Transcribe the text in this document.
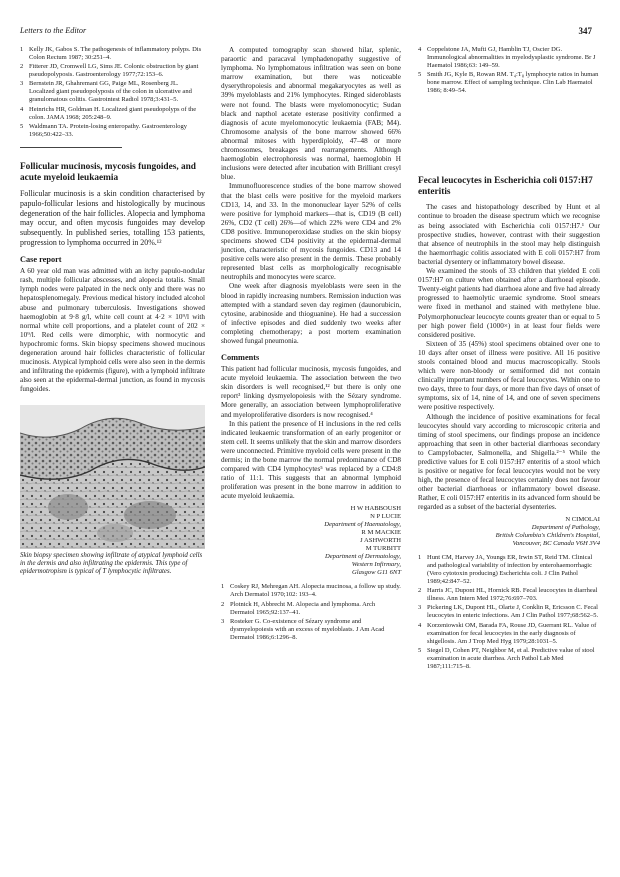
Letters to the Editor	347
1 Kelly JK, Gabos S. The pathogenesis of inflammatory polyps. Dis Colon Rectum 1987; 30:251–4.
2 Fitterer JD, Cromwell LG, Sims JE. Colonic obstruction by giant pseudopolyposis. Gastroenterology 1977;72:153–6.
3 Bernstein JR, Ghahremani GG, Paige ML, Rosenberg JL. Localized giant pseudopolyposis of the colon in ulcerative and granulomatous colitis. Gastrointest Radiol 1978;3:431–5.
4 Heinrichs HR, Goldman H. Localized giant pseudopolyps of the colon. JAMA 1968; 205:248–9.
5 Waldmann TA. Protein-losing enteropathy. Gastroenterology 1966;50:422–33.
Follicular mucinosis, mycosis fungoides, and acute myeloid leukaemia

Follicular mucinosis is a skin condition characterised by papulo-follicular lesions and histologically by mucinous degeneration of the hair follicles. Alopecia and lymphoma may occur, and often mycosis fungoides may develop subsequently. In published series, totalling 153 patients, progression to lymphoma occurred in 20%.¹²

Case report

A 60 year old man was admitted with an itchy papulo-nodular rash, multiple follicular abscesses, and alopecia totalis. Small lymph nodes were palpated in the neck only and there was no hepatosplenomegaly. Previous medical history included alcohol abuse and pulmonary tuberculosis. Investigations showed haemoglobin at 9·8 g/l, white cell count at 4·2 × 10⁹/l with normal white cell proportions, and a platelet count of 202 × 10⁹/l. Red cells were dimorphic, with normocytic and hypochromic forms. Skin biopsy specimens showed mucinous degeneration around hair follicles characteristic of follicular mucinosis. Atypical lymphoid cells were also seen in the dermis and infiltrating the epidermis (figure), with a lymphoid infiltrate also seen at the epidermal-dermal junction, as found in mycosis fungoides.

Skin biopsy specimen showing infiltrate of atypical lymphoid cells in the dermis and also infiltrating the epidermis. This type of epidermotropism is typical of T lymphocytic infiltrates.

A computed tomography scan showed hilar, splenic, paraortic and paracaval lymphadenopathy suggestive of lymphoma. No lymphomatous infiltration was seen on bone marrow examination, but there was noticeable dyserythropoiesis and abnormal megakaryocytes as well as 39% myeloblasts and 21% lymphocytes. Ringed sideroblasts were not found. The blasts were myelomonocytic; Sudan black and napthol acetate esterase positivity confirmed a diagnosis of acute myelomonocytic leukaemia (FAB; M4). Chromosome analysis of the bone marrow showed 66% abnormal mitoses with hyperdiploidy, 47–48 or more chromosomes, breakages and rearrangements. Although haemoglobin electrophoresis was normal, haemoglobin H inclusions were detected after incubation with Brilliant cresyl blue.

Immunofluorescence studies of the bone marrow showed that the blast cells were positive for the myeloid markers CD13, 14, and 33. In the mononuclear layer 52% of cells were positive for lymphoid markers—that is, CD19 (B cell) 26%, CD2 (T cell) 26%—of which 22% were CD4 and 2% CD8 positive. Immunoperoxidase studies on the skin biopsy specimens showed CD4 positivity at the epidermal-dermal junction, characteristic of mycosis fungoides. CD13 and 14 positive cells were also present in the dermis. These probably represented blast cells as morphologically recognisable neutrophils and monocytes were scarce.

One week after diagnosis myeloblasts were seen in the blood in rapidly increasing numbers. Remission induction was attempted with a standard seven day regimen (daunorubicin, cytosine, arabinoside and thioguanine). He had a succession of infective episodes and died suddenly two weeks after completing chemotherapy; a post mortem examination showed fungal pneumonia.

Comments

This patient had follicular mucinosis, mycosis fungoides, and acute myeloid leukaemia. The association between the two skin disorders is well recognised,¹² but there is only one report³ linking dysmyelopoiesis with the Sézary syndrome. More generally, an association between lymphoproliferative and myeloproliferative disorders is now recognised.⁴

In this patient the presence of H inclusions in the red cells indicated leukaemic transformation of an early progenitor or stem cell. It seems unlikely that the skin and marrow disorders were unconnected. Primitive myeloid cells were present in the dermis; in the bone marrow the normal predominance of CD8 compared with CD4 lymphocytes⁵ was replaced by a CD4:8 ratio of 11:1. This suggests that an abnormal lymphoid proliferation was present in the bone marrow in addition to acute myeloid leukaemia.

H W HABBOUSH
N P LUCIE
Department of Haematology,
R M MACKIE
J ASHWORTH
M TURBITT
Department of Dermatology,
Western Infirmary,
Glasgow G11 6NT
1 Coskey RJ, Mehregan AH. Alopecia mucinosa, a follow up study. Arch Dermatol 1970;102: 193–4.
2 Plotnick H, Abbrecht M. Alopecia and lymphoma. Arch Dermatol 1965;92:137–41.
3 Rosteker G. Co-existence of Sézary syndrome and dysmyelopoiesis with an excess of myeloblasts. J Am Acad Dermatol 1986;6:1296–8.
4 Coppelstone JA, Mufti GJ, Hamblin TJ, Oscier DG. Immunological abnormalities in myelodysplastic syndrome. Br J Haematol 1986;63: 149–59.
5 Smith JG, Kyle B, Rowan RM. T₄:T₈ lymphocyte ratios in human bone marrow. Effect of sampling technique. Clin Lab Haematol 1986; 8:49–54.
Fecal leucocytes in Escherichia coli 0157:H7 enteritis

The cases and histopathology described by Hunt et al continue to broaden the disease spectrum which we recognise as being associated with Escherichia coli 0157:H7.¹ Our prospective studies, however, contrast with their suggestion that absence of neutrophils in the stool may help distinguish the haemorrhagic colitis associated with E coli 0157:H7 from bacterial dysentery or inflammatory bowel disease.

We examined the stools of 33 children that yielded E coli 0157:H7 on culture when obtained after a diarrhoeal episode. Twenty-eight patients had diarrhoea alone and five had already progressed to haemolytic uraemic syndrome. Stool smears were fixed in methanol and stained with methylene blue. Polymorphonuclear leucocyte counts greater than or equal to 5 per high power field (1000×) in at least four fields were considered positive.

Sixteen of 35 (45%) stool specimens obtained over one to 10 days after onset of illness were positive. All 16 positive stools contained blood and mucus macroscopically. Stools which were non-bloody or semiformed did not contain clinically important numbers of fecal leucocytes. Within one to two days, three to four days, or more than five days of onset of symptoms, six of 14, nine of 14, and one of seven specimens were positive respectively.

Although the incidence of positive examinations for fecal leucocytes should vary according to microscopic criteria and timing of stool specimens, our findings propose an incidence approaching that seen in other bacterial diarrhoeas secondary to Campylobacter, Salmonella, and Shigella.²⁻⁵ While the predictive values for E coli 0157:H7 enteritis of a stool which is positive or negative for fecal leucocytes would not be very high, the presence of fecal leucocytes certainly does not favour other bacterial diarrhoeas or inflammatory bowel disease. Rather, E coli 0157:H7 enteritis in its advanced form should be regarded as a subset of the bacterial dysenteries.

N CIMOLAI
Department of Pathology,
British Columbia's Children's Hospital,
Vancouver, BC Canada V6H 3V4
1 Hunt CM, Harvey JA, Youngs ER, Irwin ST, Reid TM. Clinical and pathological variability of infection by enterohaemorrhagic (Vero cytotoxin producing) Escherichia coli. J Clin Pathol 1989;42:847–52.
2 Harris JC, Dupont HL, Hornick RB. Fecal leucocytes in diarrheal illness. Ann Intern Med 1972;76:697–703.
3 Pickering LK, Dupont HL, Olarte J, Conklin R, Ericsson C. Fecal leucocytes in enteric infections. Am J Clin Pathol 1977;68:562–5.
4 Korzeniowski OM, Barada FA, Rouse JD, Guerrant RL. Value of examination for fecal leucocytes in the early diagnosis of shigellosis. Am J Trop Med Hyg 1979;28:1031–5.
5 Siegel D, Cohen PT, Neighbor M, et al. Predictive value of stool examination in acute diarrhea. Arch Pathol Lab Med 1987;111:715–8.
